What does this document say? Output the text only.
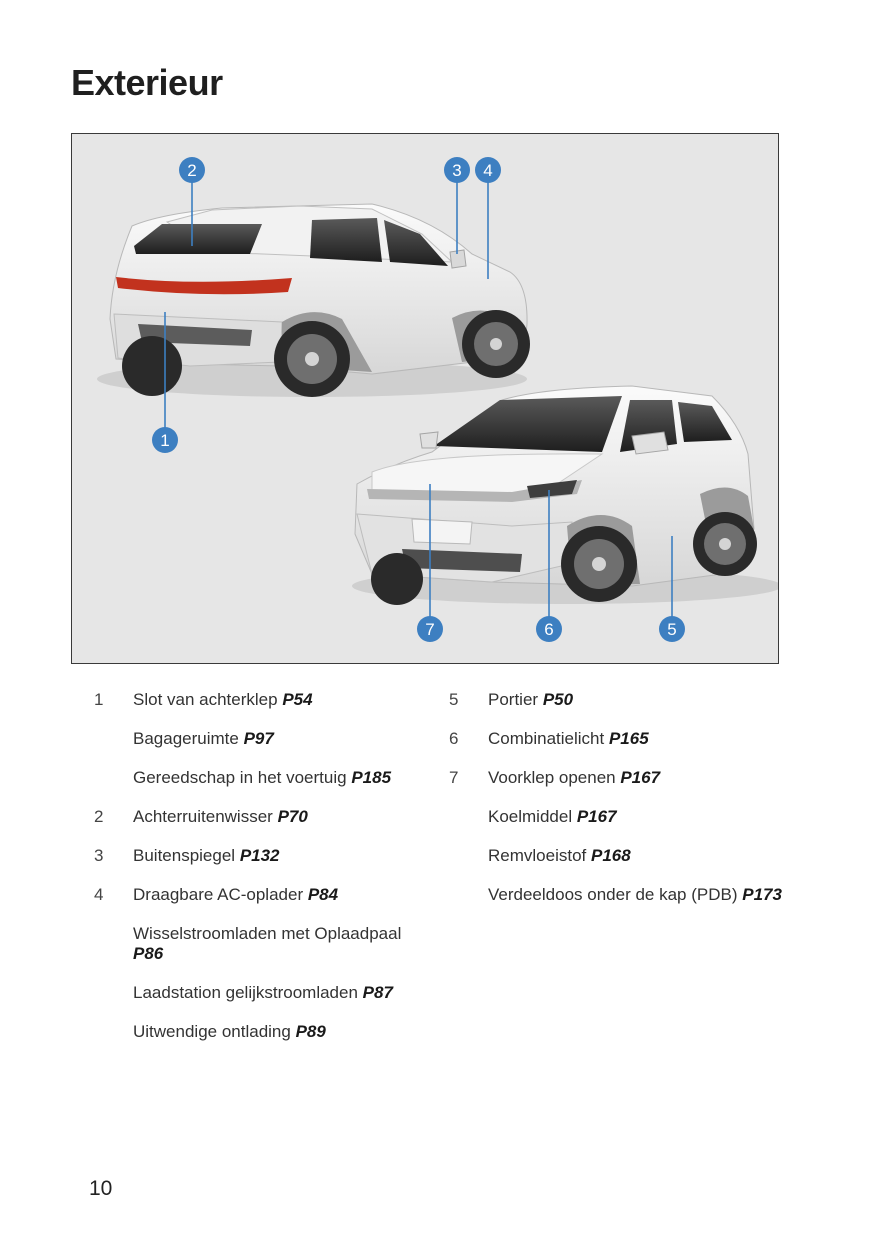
Exterieur
2	3 4
1
7	6	5
1	Slot van achterklep P54
Bagageruimte P97
Gereedschap in het voertuig P185
2	Achterruitenwisser P70
3	Buitenspiegel P132
4	Draagbare AC-oplader P84
Wisselstroomladen met Oplaadpaal P86
Laadstation gelijkstroomladen P87
Uitwendige ontlading P89
5	Portier P50
6	Combinatielicht P165
7	Voorklep openen P167
Koelmiddel P167
Remvloeistof P168
Verdeeldoos onder de kap (PDB) P173
10
